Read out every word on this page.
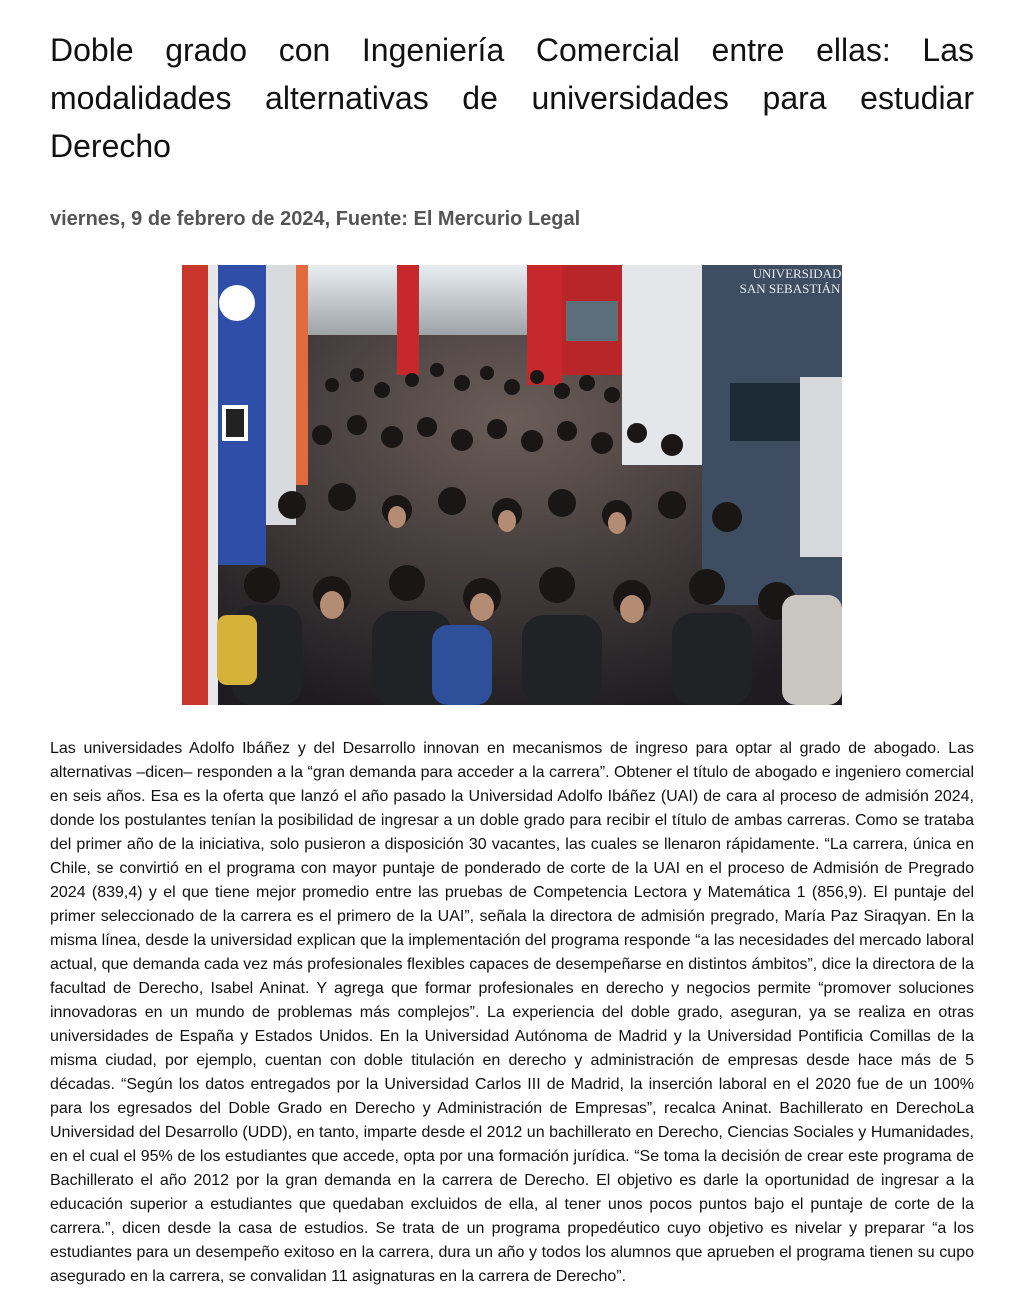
Doble grado con Ingeniería Comercial entre ellas: Las modalidades alternativas de universidades para estudiar Derecho
viernes, 9 de febrero de 2024, Fuente: El Mercurio Legal
UNIVERSIDAD
SAN SEBASTIÁN
Las universidades Adolfo Ibáñez y del Desarrollo innovan en mecanismos de ingreso para optar al grado de abogado. Las alternativas –dicen– responden a la “gran demanda para acceder a la carrera”. Obtener el título de abogado e ingeniero comercial en seis años. Esa es la oferta que lanzó el año pasado la Universidad Adolfo Ibáñez (UAI) de cara al proceso de admisión 2024, donde los postulantes tenían la posibilidad de ingresar a un doble grado para recibir el título de ambas carreras. Como se trataba del primer año de la iniciativa, solo pusieron a disposición 30 vacantes, las cuales se llenaron rápidamente. “La carrera, única en Chile, se convirtió en el programa con mayor puntaje de ponderado de corte de la UAI en el proceso de Admisión de Pregrado 2024 (839,4) y el que tiene mejor promedio entre las pruebas de Competencia Lectora y Matemática 1 (856,9). El puntaje del primer seleccionado de la carrera es el primero de la UAI”, señala la directora de admisión pregrado, María Paz Siraqyan. En la misma línea, desde la universidad explican que la implementación del programa responde “a las necesidades del mercado laboral actual, que demanda cada vez más profesionales flexibles capaces de desempeñarse en distintos ámbitos”, dice la directora de la facultad de Derecho, Isabel Aninat. Y agrega que formar profesionales en derecho y negocios permite “promover soluciones innovadoras en un mundo de problemas más complejos”. La experiencia del doble grado, aseguran, ya se realiza en otras universidades de España y Estados Unidos. En la Universidad Autónoma de Madrid y la Universidad Pontificia Comillas de la misma ciudad, por ejemplo, cuentan con doble titulación en derecho y administración de empresas desde hace más de 5 décadas. “Según los datos entregados por la Universidad Carlos III de Madrid, la inserción laboral en el 2020 fue de un 100% para los egresados del Doble Grado en Derecho y Administración de Empresas”, recalca Aninat. Bachillerato en DerechoLa Universidad del Desarrollo (UDD), en tanto, imparte desde el 2012 un bachillerato en Derecho, Ciencias Sociales y Humanidades, en el cual el 95% de los estudiantes que accede, opta por una formación jurídica. “Se toma la decisión de crear este programa de Bachillerato el año 2012 por la gran demanda en la carrera de Derecho. El objetivo es darle la oportunidad de ingresar a la educación superior a estudiantes que quedaban excluidos de ella, al tener unos pocos puntos bajo el puntaje de corte de la carrera.”, dicen desde la casa de estudios. Se trata de un programa propedéutico cuyo objetivo es nivelar y preparar “a los estudiantes para un desempeño exitoso en la carrera, dura un año y todos los alumnos que aprueben el programa tienen su cupo asegurado en la carrera, se convalidan 11 asignaturas en la carrera de Derecho”.
